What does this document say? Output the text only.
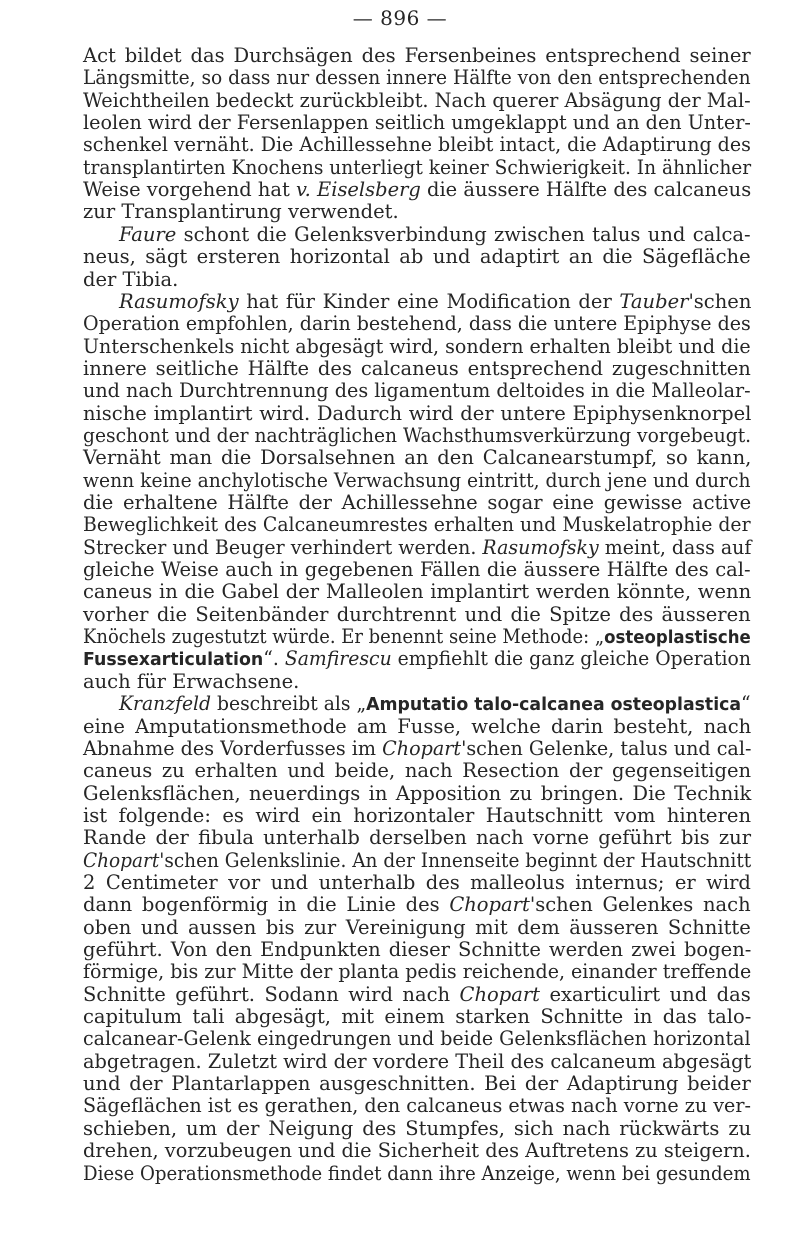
— 896 —
Act bildet das Durchsägen des Fersenbeines entsprechend seiner
Längsmitte, so dass nur dessen innere Hälfte von den entsprechenden
Weichtheilen bedeckt zurückbleibt. Nach querer Absägung der Mal-
leolen wird der Fersenlappen seitlich umgeklappt und an den Unter-
schenkel vernäht. Die Achillessehne bleibt intact, die Adaptirung des
transplantirten Knochens unterliegt keiner Schwierigkeit. In ähnlicher
Weise vorgehend hat v. Eiselsberg die äussere Hälfte des calcaneus
zur Transplantirung verwendet.
Faure schont die Gelenksverbindung zwischen talus und calca-
neus, sägt ersteren horizontal ab und adaptirt an die Sägefläche
der Tibia.
Rasumofsky hat für Kinder eine Modification der Tauber'schen
Operation empfohlen, darin bestehend, dass die untere Epiphyse des
Unterschenkels nicht abgesägt wird, sondern erhalten bleibt und die
innere seitliche Hälfte des calcaneus entsprechend zugeschnitten
und nach Durchtrennung des ligamentum deltoides in die Malleolar-
nische implantirt wird. Dadurch wird der untere Epiphysenknorpel
geschont und der nachträglichen Wachsthumsverkürzung vorgebeugt.
Vernäht man die Dorsalsehnen an den Calcanearstumpf, so kann,
wenn keine anchylotische Verwachsung eintritt, durch jene und durch
die erhaltene Hälfte der Achillessehne sogar eine gewisse active
Beweglichkeit des Calcaneumrestes erhalten und Muskelatrophie der
Strecker und Beuger verhindert werden. Rasumofsky meint, dass auf
gleiche Weise auch in gegebenen Fällen die äussere Hälfte des cal-
caneus in die Gabel der Malleolen implantirt werden könnte, wenn
vorher die Seitenbänder durchtrennt und die Spitze des äusseren
Knöchels zugestutzt würde. Er benennt seine Methode: „osteoplastische
Fussexarticulation“. Samfirescu empfiehlt die ganz gleiche Operation
auch für Erwachsene.
Kranzfeld beschreibt als „Amputatio talo-calcanea osteoplastica“
eine Amputationsmethode am Fusse, welche darin besteht, nach
Abnahme des Vorderfusses im Chopart'schen Gelenke, talus und cal-
caneus zu erhalten und beide, nach Resection der gegenseitigen
Gelenksflächen, neuerdings in Apposition zu bringen. Die Technik
ist folgende: es wird ein horizontaler Hautschnitt vom hinteren
Rande der fibula unterhalb derselben nach vorne geführt bis zur
Chopart'schen Gelenkslinie. An der Innenseite beginnt der Hautschnitt
2 Centimeter vor und unterhalb des malleolus internus; er wird
dann bogenförmig in die Linie des Chopart'schen Gelenkes nach
oben und aussen bis zur Vereinigung mit dem äusseren Schnitte
geführt. Von den Endpunkten dieser Schnitte werden zwei bogen-
förmige, bis zur Mitte der planta pedis reichende, einander treffende
Schnitte geführt. Sodann wird nach Chopart exarticulirt und das
capitulum tali abgesägt, mit einem starken Schnitte in das talo-
calcanear-Gelenk eingedrungen und beide Gelenksflächen horizontal
abgetragen. Zuletzt wird der vordere Theil des calcaneum abgesägt
und der Plantarlappen ausgeschnitten. Bei der Adaptirung beider
Sägeflächen ist es gerathen, den calcaneus etwas nach vorne zu ver-
schieben, um der Neigung des Stumpfes, sich nach rückwärts zu
drehen, vorzubeugen und die Sicherheit des Auftretens zu steigern.
Diese Operationsmethode findet dann ihre Anzeige, wenn bei gesundem
